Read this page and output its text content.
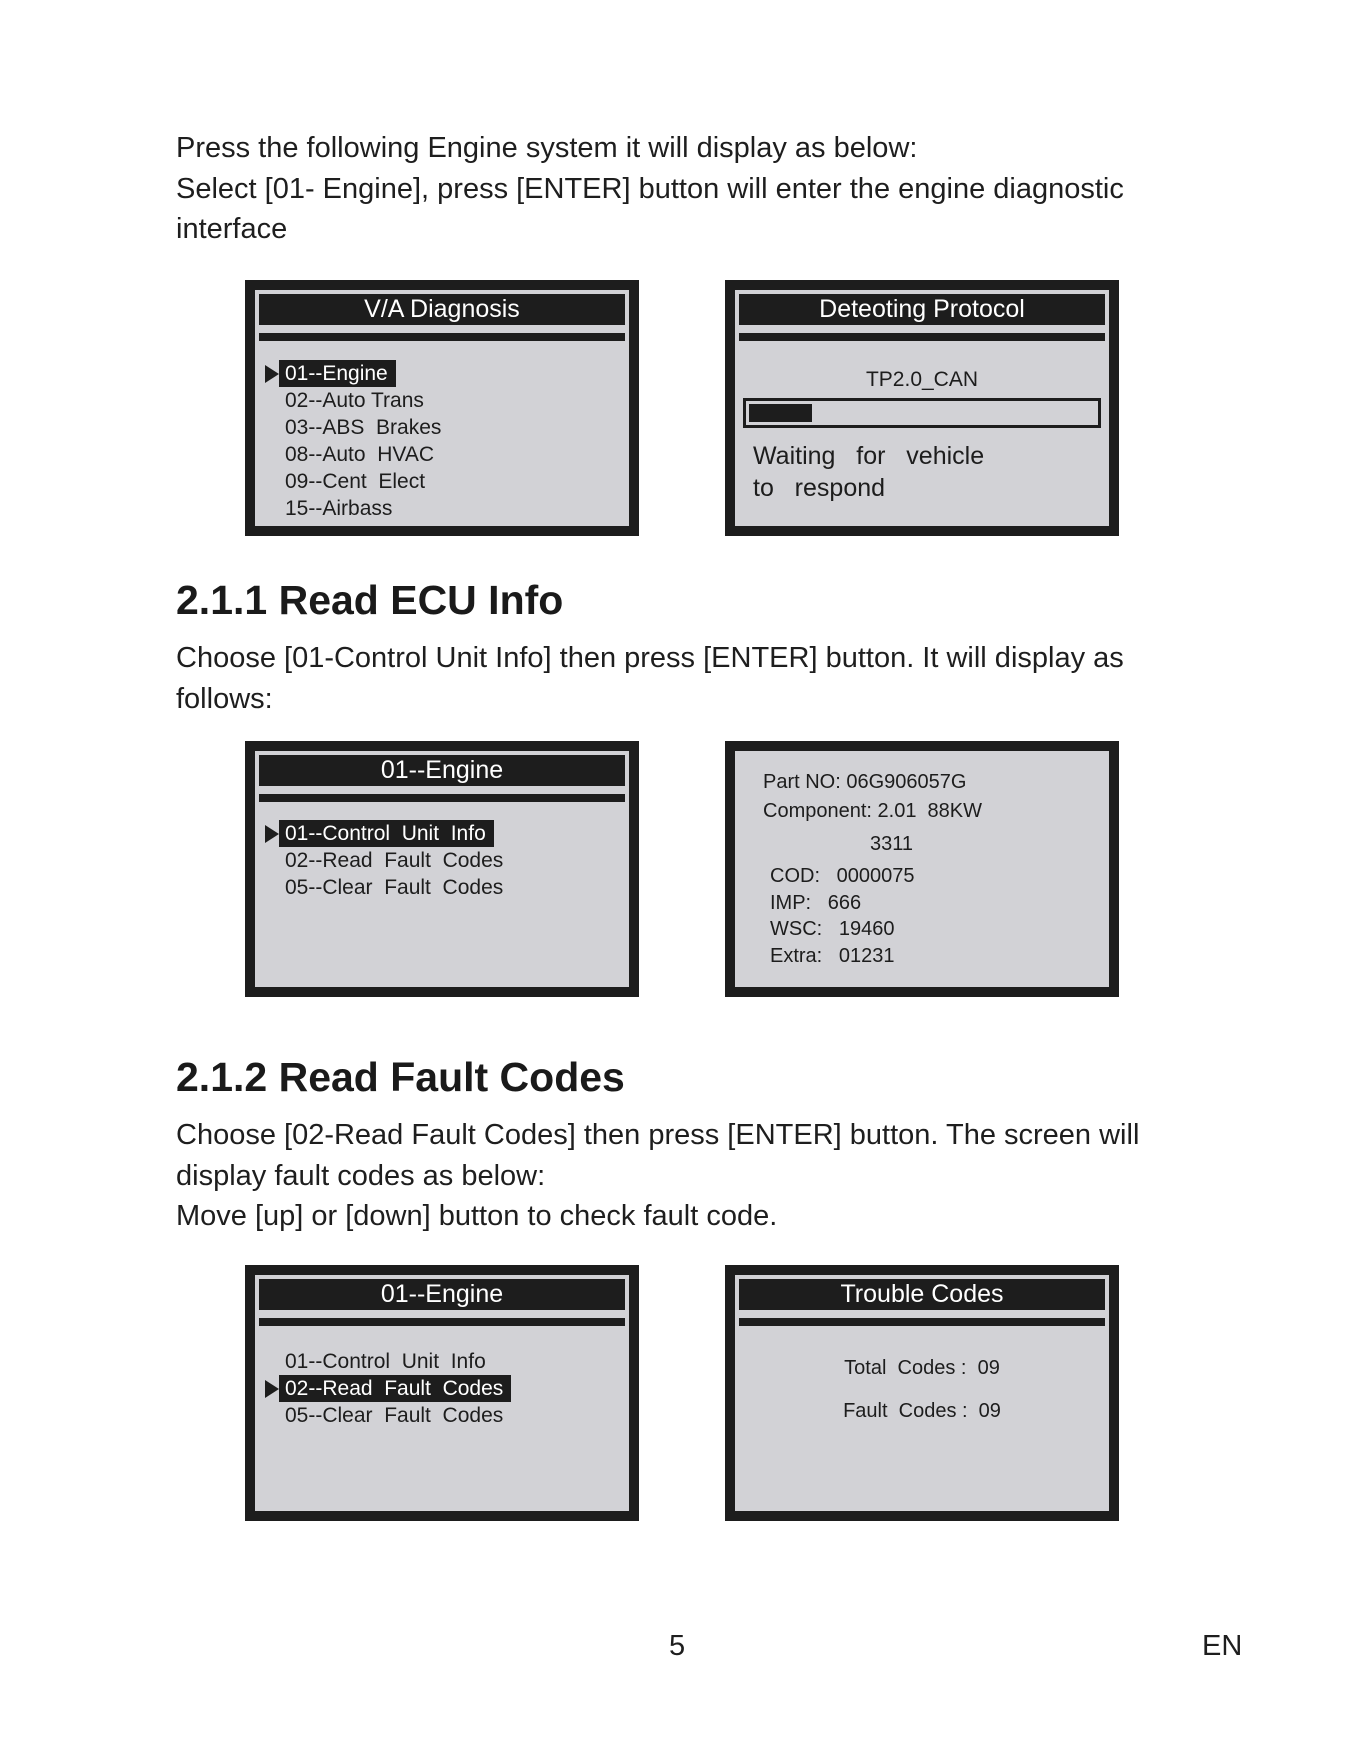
Press the following Engine system it will display as below:
Select [01- Engine], press [ENTER] button will enter the engine diagnostic interface

V/A Diagnosis
01--Engine
02--Auto Trans
03--ABS  Brakes
08--Auto  HVAC
09--Cent  Elect
15--Airbass
Deteoting Protocol
TP2.0_CAN
Waiting   for   vehicle
to   respond
2.1.1 Read ECU Info

Choose [01-Control Unit Info] then press [ENTER] button. It will display as follows:

01--Engine
01--Control  Unit  Info
02--Read  Fault  Codes
05--Clear  Fault  Codes
Part NO: 06G906057G
Component: 2.01  88KW
3311
COD:   0000075
IMP:   666
WSC:   19460
Extra:   01231
2.1.2 Read Fault Codes

Choose [02-Read Fault Codes] then press [ENTER] button. The screen will display fault codes as below:
Move [up] or [down] button to check fault code.

01--Engine
01--Control  Unit  Info
02--Read  Fault  Codes
05--Clear  Fault  Codes
Trouble Codes
Total  Codes :  09
Fault  Codes :  09
5	EN
